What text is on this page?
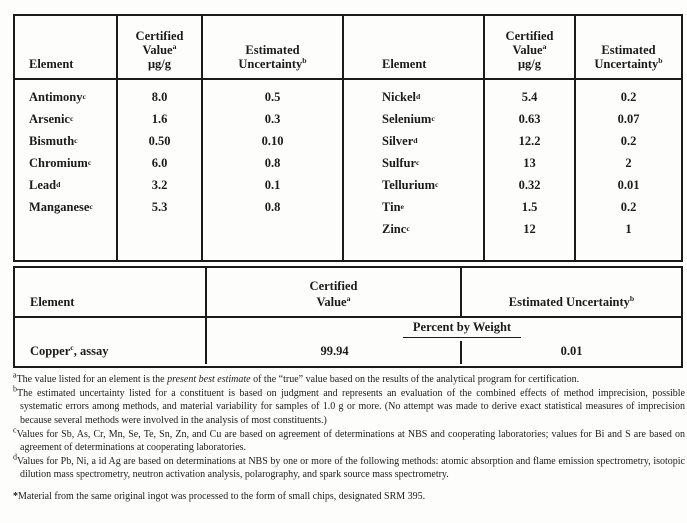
Element
Antimony c
Arsenic c
Bismuth c
Chromium c
Lead d
Manganese c
Certified
Value$^a$
μg/g
8.0
1.6
0.50
6.0
3.2
5.3
Estimated
Uncertainty$^b$
0.5
0.3
0.10
0.8
0.1
0.8
Element
Nickel d
Selenium c
Silver d
Sulfur c
Tellurium c
Tin e
Zinc c
Certified
Value$^a$
μg/g
5.4
0.63
12.2
13
0.32
1.5
12
Estimated
Uncertainty$^b$
0.2
0.07
0.2
2
0.01
0.2
1
Element
Certified
Value$^a$	Estimated Uncertainty$^b$
Copper$^c$, assay
Percent by Weight
99.94	0.01
$^a$The value listed for an element is the present best estimate of the “true” value based on the results of the analytical program for certification.
$^b$The estimated uncertainty listed for a constituent is based on judgment and represents an evaluation of the combined effects of method imprecision, possible systematic errors among methods, and material variability for samples of 1.0 g or more. (No attempt was made to derive exact statistical measures of imprecision because several methods were involved in the analysis of most constituents.)
$^c$Values for Sb, As, Cr, Mn, Se, Te, Sn, Zn, and Cu are based on agreement of determinations at NBS and cooperating laboratories; values for Bi and S are based on agreement of determinations at cooperating laboratories.
$^d$Values for Pb, Ni, a id Ag are based on determinations at NBS by one or more of the following methods: atomic absorption and flame emission spectrometry, isotopic dilution mass spectrometry, neutron activation analysis, polarography, and spark source mass spectrometry.
*Material from the same original ingot was processed to the form of small chips, designated SRM 395.
